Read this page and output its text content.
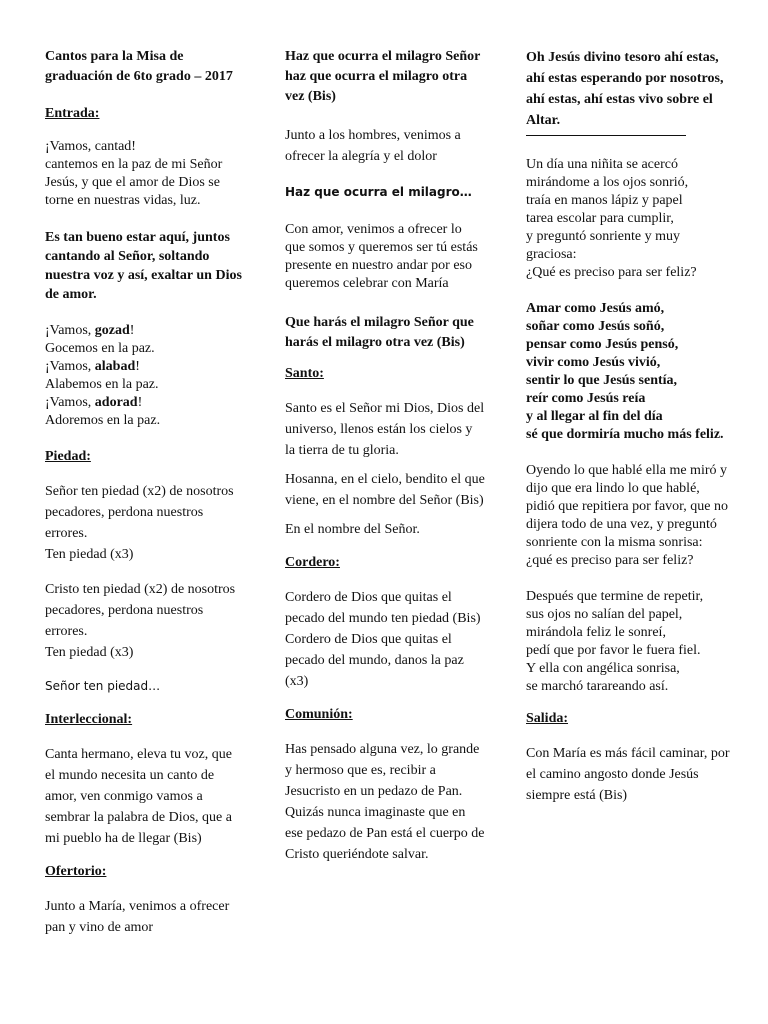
Cantos para la Misa de graduación de 6to grado – 2017

Entrada:

¡Vamos, cantad!
cantemos en la paz de mi Señor Jesús, y que el amor de Dios se torne en nuestras vidas, luz.

Es tan bueno estar aquí, juntos cantando al Señor, soltando nuestra voz y así, exaltar un Dios de amor.

¡Vamos, gozad!
Gocemos en la paz.
¡Vamos, alabad!
Alabemos en la paz.
¡Vamos, adorad!
Adoremos en la paz.

Piedad:

Señor ten piedad (x2) de nosotros pecadores, perdona nuestros errores.
Ten piedad (x3)

Cristo ten piedad (x2) de nosotros pecadores, perdona nuestros errores.
Ten piedad (x3)

Señor ten piedad…

Interleccional:

Canta hermano, eleva tu voz, que el mundo necesita un canto de amor, ven conmigo vamos a sembrar la palabra de Dios, que a mi pueblo ha de llegar (Bis)

Ofertorio:

Junto a María, venimos a ofrecer pan y vino de amor

Haz que ocurra el milagro Señor haz que ocurra el milagro otra vez (Bis)

Junto a los hombres, venimos a ofrecer la alegría y el dolor

Haz que ocurra el milagro…

Con amor, venimos a ofrecer lo que somos y queremos ser tú estás presente en nuestro andar por eso queremos celebrar con María

Que harás el milagro Señor que harás el milagro otra vez (Bis)

Santo:

Santo es el Señor mi Dios, Dios del universo, llenos están los cielos y la tierra de tu gloria.

Hosanna, en el cielo, bendito el que viene, en el nombre del Señor (Bis)

En el nombre del Señor.

Cordero:

Cordero de Dios que quitas el pecado del mundo ten piedad (Bis) Cordero de Dios que quitas el pecado del mundo, danos la paz (x3)

Comunión:

Has pensado alguna vez, lo grande y hermoso que es, recibir a Jesucristo en un pedazo de Pan. Quizás nunca imaginaste que en ese pedazo de Pan está el cuerpo de Cristo queriéndote salvar.

Oh Jesús divino tesoro ahí estas, ahí estas esperando por nosotros, ahí estas, ahí estas vivo sobre el Altar.

Un día una niñita se acercó
mirándome a los ojos sonrió,
traía en manos lápiz y papel
tarea escolar para cumplir,
y preguntó sonriente y muy graciosa:
¿Qué es preciso para ser feliz?

Amar como Jesús amó,
soñar como Jesús soñó,
pensar como Jesús pensó,
vivir como Jesús vivió,
sentir lo que Jesús sentía,
reír como Jesús reía
y al llegar al fin del día
sé que dormiría mucho más feliz.

Oyendo lo que hablé ella me miró y dijo que era lindo lo que hablé, pidió que repitiera por favor, que no dijera todo de una vez, y preguntó sonriente con la misma sonrisa:
¿qué es preciso para ser feliz?

Después que termine de repetir,
sus ojos no salían del papel,
mirándola feliz le sonreí,
pedí que por favor le fuera fiel.
Y ella con angélica sonrisa,
se marchó tarareando así.

Salida:

Con María es más fácil caminar, por el camino angosto donde Jesús siempre está (Bis)
